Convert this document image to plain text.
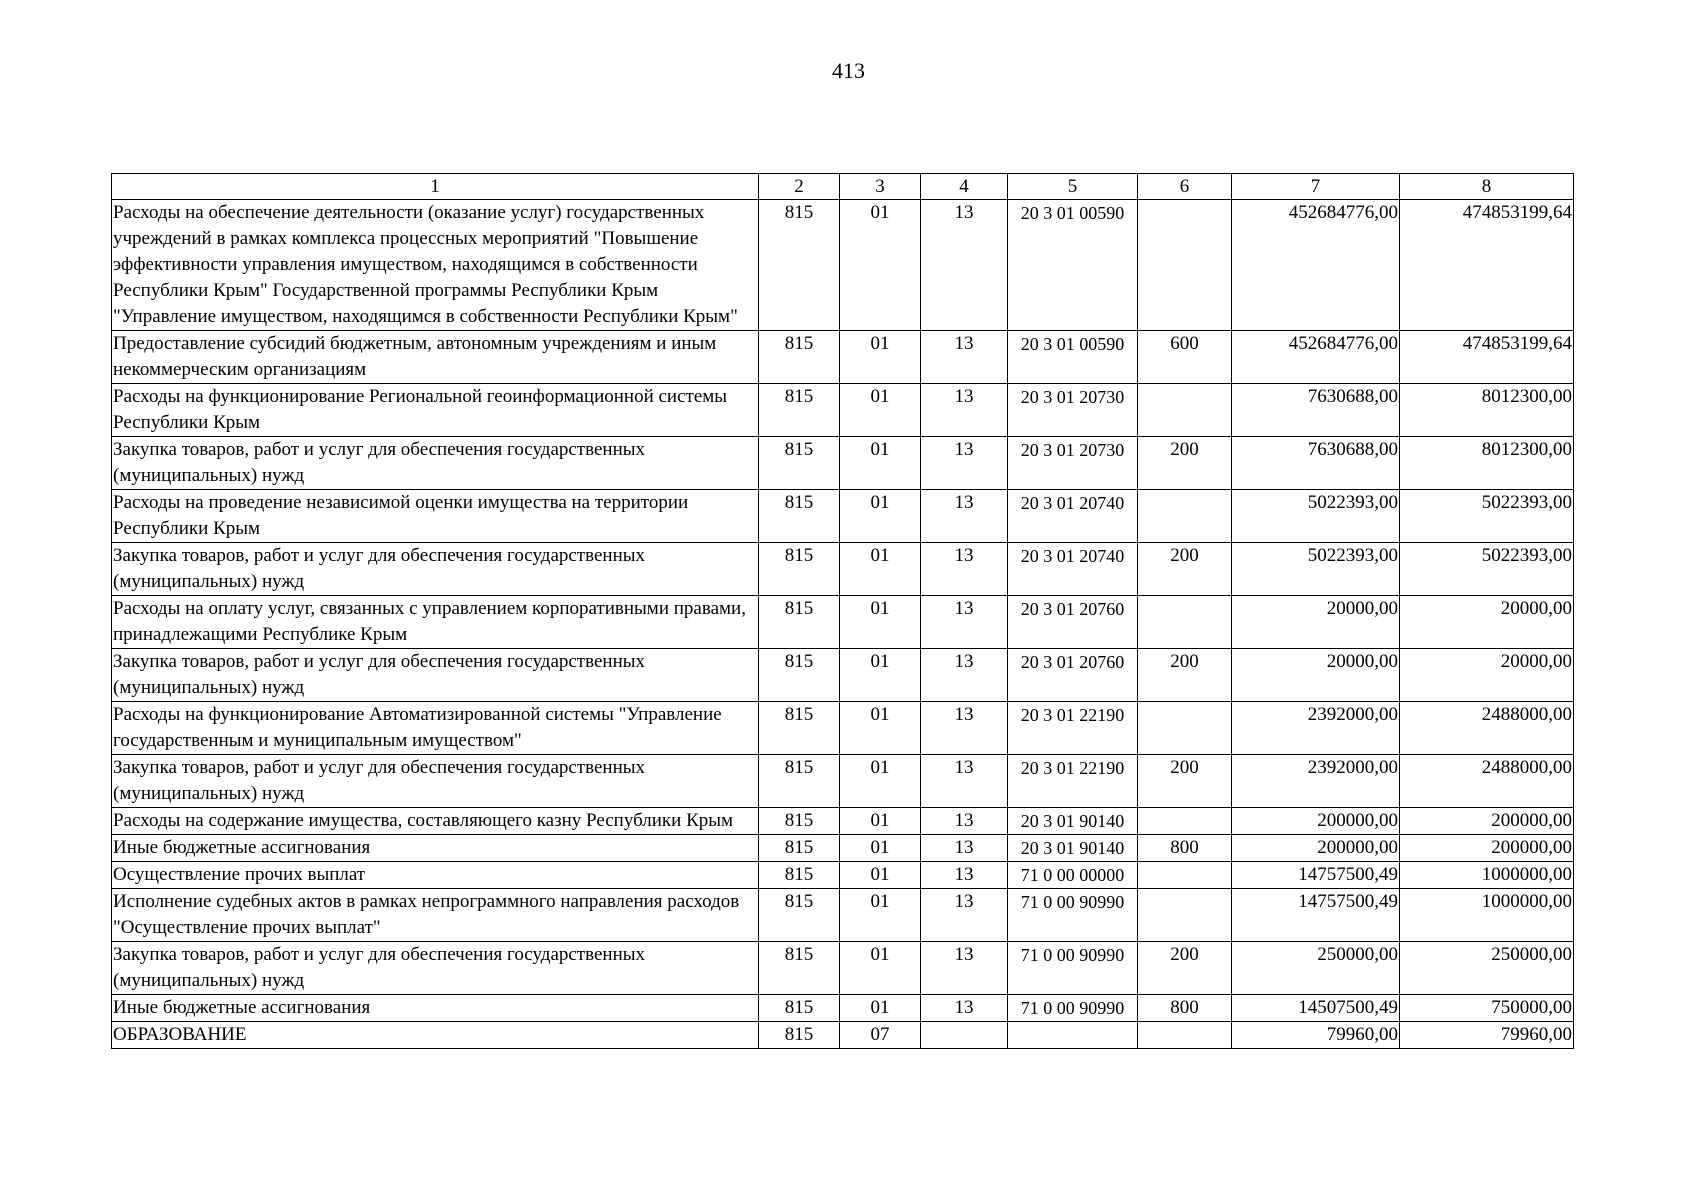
413
1	2	3	4	5	6	7	8
Расходы на обеспечение деятельности (оказание услуг) государственных учреждений в рамках комплекса процессных мероприятий "Повышение эффективности управления имуществом, находящимся в собственности Республики Крым" Государственной программы Республики Крым "Управление имуществом, находящимся в собственности Республики Крым"	815	01	13	20 3 01 00590		452684776,00	474853199,64
Предоставление субсидий бюджетным, автономным учреждениям и иным некоммерческим организациям	815	01	13	20 3 01 00590	600	452684776,00	474853199,64
Расходы на функционирование Региональной геоинформационной системы Республики Крым	815	01	13	20 3 01 20730		7630688,00	8012300,00
Закупка товаров, работ и услуг для обеспечения государственных (муниципальных) нужд	815	01	13	20 3 01 20730	200	7630688,00	8012300,00
Расходы на проведение независимой оценки имущества на территории Республики Крым	815	01	13	20 3 01 20740		5022393,00	5022393,00
Закупка товаров, работ и услуг для обеспечения государственных (муниципальных) нужд	815	01	13	20 3 01 20740	200	5022393,00	5022393,00
Расходы на оплату услуг, связанных с управлением корпоративными правами, принадлежащими Республике Крым	815	01	13	20 3 01 20760		20000,00	20000,00
Закупка товаров, работ и услуг для обеспечения государственных (муниципальных) нужд	815	01	13	20 3 01 20760	200	20000,00	20000,00
Расходы на функционирование Автоматизированной системы "Управление государственным и муниципальным имуществом"	815	01	13	20 3 01 22190		2392000,00	2488000,00
Закупка товаров, работ и услуг для обеспечения государственных (муниципальных) нужд	815	01	13	20 3 01 22190	200	2392000,00	2488000,00
Расходы на содержание имущества, составляющего казну Республики Крым	815	01	13	20 3 01 90140		200000,00	200000,00
Иные бюджетные ассигнования	815	01	13	20 3 01 90140	800	200000,00	200000,00
Осуществление прочих выплат	815	01	13	71 0 00 00000		14757500,49	1000000,00
Исполнение судебных актов в рамках непрограммного направления расходов "Осуществление прочих выплат"	815	01	13	71 0 00 90990		14757500,49	1000000,00
Закупка товаров, работ и услуг для обеспечения государственных (муниципальных) нужд	815	01	13	71 0 00 90990	200	250000,00	250000,00
Иные бюджетные ассигнования	815	01	13	71 0 00 90990	800	14507500,49	750000,00
ОБРАЗОВАНИЕ	815	07				79960,00	79960,00
